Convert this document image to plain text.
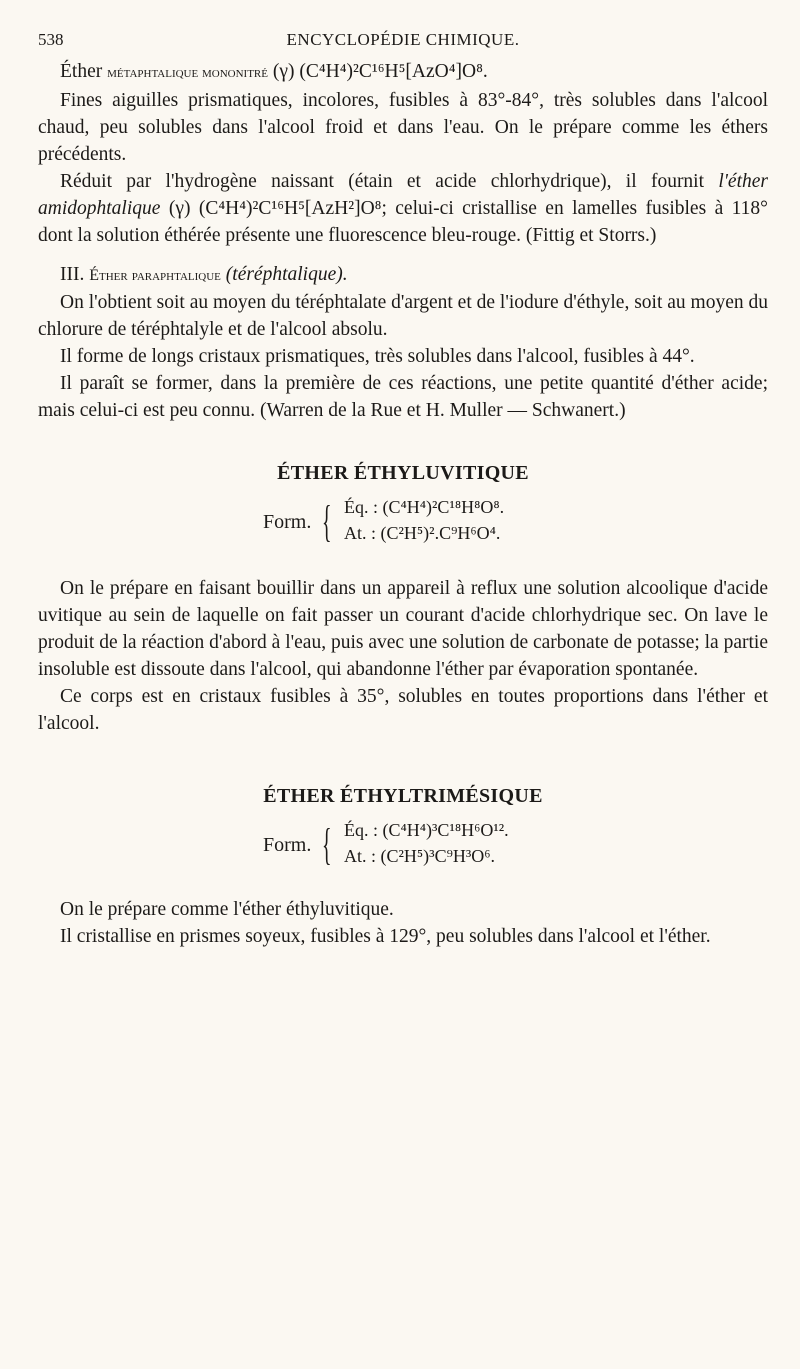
538	ENCYCLOPÉDIE CHIMIQUE.

Éther métaphtalique mononitré (γ) (C⁴H⁴)²C¹⁶H⁵[AzO⁴]O⁸.

Fines aiguilles prismatiques, incolores, fusibles à 83°-84°, très solubles dans l'alcool chaud, peu solubles dans l'alcool froid et dans l'eau. On le prépare comme les éthers précédents.

Réduit par l'hydrogène naissant (étain et acide chlorhydrique), il fournit l'éther amidophtalique (γ) (C⁴H⁴)²C¹⁶H⁵[AzH²]O⁸; celui-ci cristallise en lamelles fusibles à 118° dont la solution éthérée présente une fluorescence bleu-rouge. (Fittig et Storrs.)

III. Éther paraphtalique (téréphtalique).

On l'obtient soit au moyen du téréphtalate d'argent et de l'iodure d'éthyle, soit au moyen du chlorure de téréphtalyle et de l'alcool absolu.

Il forme de longs cristaux prismatiques, très solubles dans l'alcool, fusibles à 44°.

Il paraît se former, dans la première de ces réactions, une petite quantité d'éther acide; mais celui-ci est peu connu. (Warren de la Rue et H. Muller — Schwanert.)

ÉTHER ÉTHYLUVITIQUE
Form. { Éq. : (C⁴H⁴)²C¹⁸H⁸O⁸.
At. : (C²H⁵)².C⁹H⁶O⁴.

On le prépare en faisant bouillir dans un appareil à reflux une solution alcoolique d'acide uvitique au sein de laquelle on fait passer un courant d'acide chlorhydrique sec. On lave le produit de la réaction d'abord à l'eau, puis avec une solution de carbonate de potasse; la partie insoluble est dissoute dans l'alcool, qui abandonne l'éther par évaporation spontanée.

Ce corps est en cristaux fusibles à 35°, solubles en toutes proportions dans l'éther et l'alcool.

ÉTHER ÉTHYLTRIMÉSIQUE
Form. { Éq. : (C⁴H⁴)³C¹⁸H⁶O¹².
At. : (C²H⁵)³C⁹H³O⁶.

On le prépare comme l'éther éthyluvitique.

Il cristallise en prismes soyeux, fusibles à 129°, peu solubles dans l'alcool et l'éther.
